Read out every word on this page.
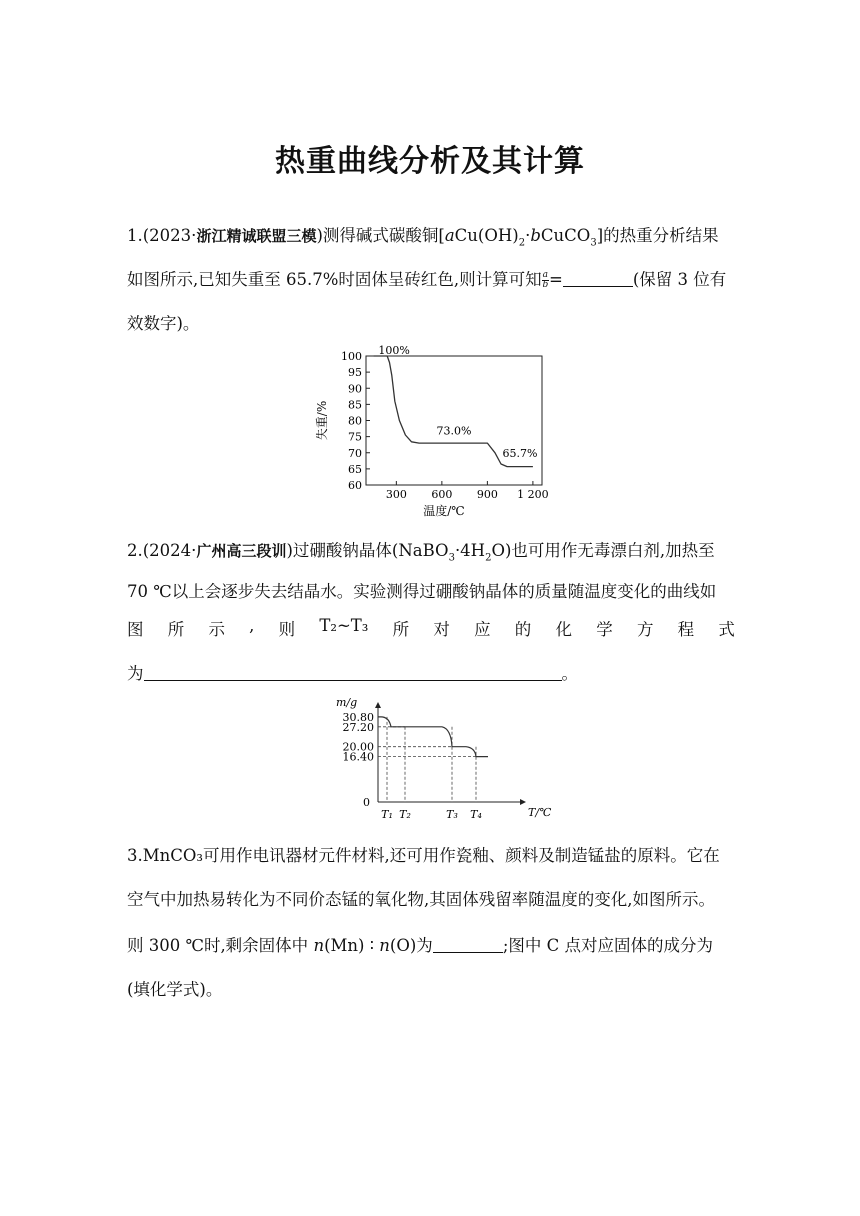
热重曲线分析及其计算
1.(2023·浙江精诚联盟三模)测得碱式碳酸铜$[aCu(OH)_2\cdot bCuCO_3]$的热重分析结果
如图所示,已知失重至 65.7%时固体呈砖红色,则计算可知 $\frac{a}{b}$ =	(保留 3 位有
效数字)。
60
65
70
75
80
85
90
95
100
300 600 900 1 200
100%
73.0%
65.7%
温度/℃
失重/%
2.(2024·广州高三段训)过硼酸钠晶体$(NaBO_3\cdot 4H_2O)$也可用作无毒漂白剂,加热至
70 ℃以上会逐步失去结晶水。实验测得过硼酸钠晶体的质量随温度变化的曲线如
图 所 示 , 则 T₂~T₃ 所 对 应 的 化 学 方 程 式
为	。
30.80
27.20
20.00
16.40
0
m/g
T/℃
T₁ T₂	T₃ T₄
3.MnCO₃可用作电讯器材元件材料,还可用作瓷釉、颜料及制造锰盐的原料。它在
空气中加热易转化为不同价态锰的氧化物,其固体残留率随温度的变化,如图所示。
则 300 ℃时,剩余固体中 n(Mn) ∶ n(O)为	;图中 C 点对应固体的成分为
(填化学式)。
